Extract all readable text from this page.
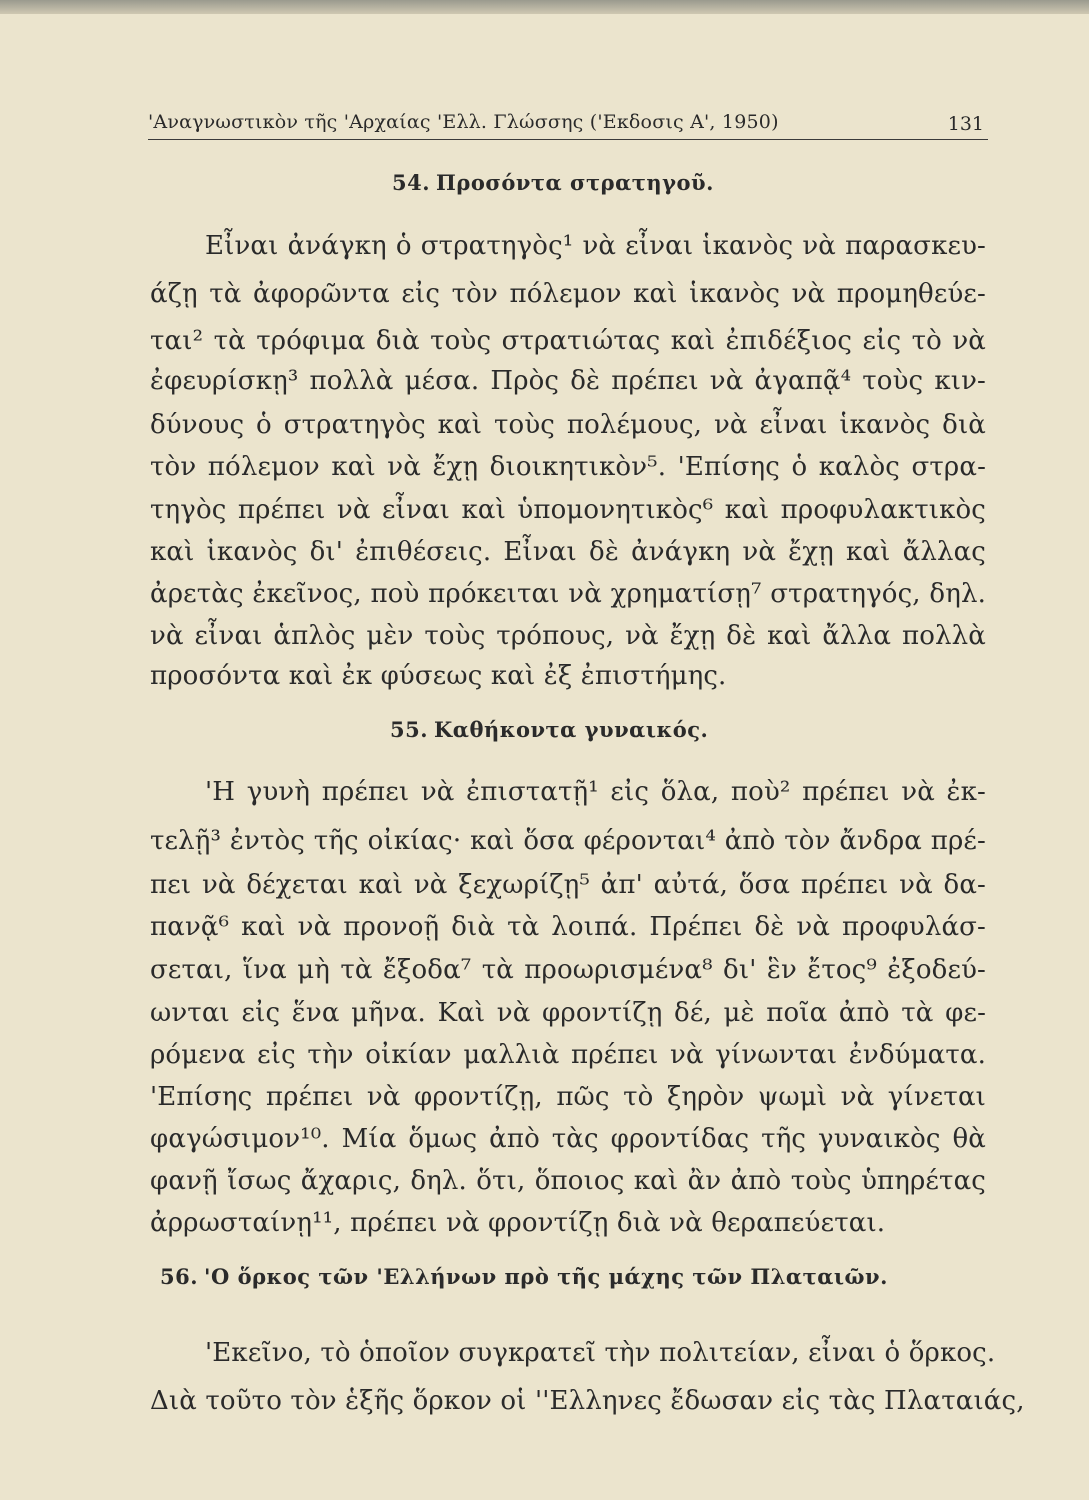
'Αναγνωστικὸν τῆς 'Αρχαίας 'Ελλ. Γλώσσης ('Εκδοσις Α', 1950)	131
54. Προσόντα στρατηγοῦ.
Εἶναι ἀνάγκη ὁ στρατηγὸς¹ νὰ εἶναι ἱκανὸς νὰ παρασκευ-
άζῃ τὰ ἀφορῶντα εἰς τὸν πόλεμον καὶ ἱκανὸς νὰ προμηθεύε-
ται² τὰ τρόφιμα διὰ τοὺς στρατιώτας καὶ ἐπιδέξιος εἰς τὸ νὰ
ἐφευρίσκῃ³ πολλὰ μέσα. Πρὸς δὲ πρέπει νὰ ἀγαπᾷ⁴ τοὺς κιν-
δύνους ὁ στρατηγὸς καὶ τοὺς πολέμους, νὰ εἶναι ἱκανὸς διὰ
τὸν πόλεμον καὶ νὰ ἔχῃ διοικητικὸν⁵. 'Επίσης ὁ καλὸς στρα-
τηγὸς πρέπει νὰ εἶναι καὶ ὑπομονητικὸς⁶ καὶ προφυλακτικὸς
καὶ ἱκανὸς δι' ἐπιθέσεις. Εἶναι δὲ ἀνάγκη νὰ ἔχῃ καὶ ἄλλας
ἀρετὰς ἐκεῖνος, ποὺ πρόκειται νὰ χρηματίσῃ⁷ στρατηγός, δηλ.
νὰ εἶναι ἁπλὸς μὲν τοὺς τρόπους, νὰ ἔχῃ δὲ καὶ ἄλλα πολλὰ
προσόντα καὶ ἐκ φύσεως καὶ ἐξ ἐπιστήμης.
55. Καθήκοντα γυναικός.
'Η γυνὴ πρέπει νὰ ἐπιστατῇ¹ εἰς ὅλα, ποὺ² πρέπει νὰ ἐκ-
τελῇ³ ἐντὸς τῆς οἰκίας· καὶ ὅσα φέρονται⁴ ἀπὸ τὸν ἄνδρα πρέ-
πει νὰ δέχεται καὶ νὰ ξεχωρίζῃ⁵ ἀπ' αὐτά, ὅσα πρέπει νὰ δα-
πανᾷ⁶ καὶ νὰ προνοῇ διὰ τὰ λοιπά. Πρέπει δὲ νὰ προφυλάσ-
σεται, ἵνα μὴ τὰ ἔξοδα⁷ τὰ προωρισμένα⁸ δι' ἓν ἔτος⁹ ἐξοδεύ-
ωνται εἰς ἕνα μῆνα. Καὶ νὰ φροντίζῃ δέ, μὲ ποῖα ἀπὸ τὰ φε-
ρόμενα εἰς τὴν οἰκίαν μαλλιὰ πρέπει νὰ γίνωνται ἐνδύματα.
'Επίσης πρέπει νὰ φροντίζῃ, πῶς τὸ ξηρὸν ψωμὶ νὰ γίνεται
φαγώσιμον¹⁰. Μία ὅμως ἀπὸ τὰς φροντίδας τῆς γυναικὸς θὰ
φανῇ ἴσως ἄχαρις, δηλ. ὅτι, ὅποιος καὶ ἂν ἀπὸ τοὺς ὑπηρέτας
ἀρρωσταίνῃ¹¹, πρέπει νὰ φροντίζῃ διὰ νὰ θεραπεύεται.
56. 'Ο ὅρκος τῶν 'Ελλήνων πρὸ τῆς μάχης τῶν Πλαταιῶν.
'Εκεῖνο, τὸ ὁποῖον συγκρατεῖ τὴν πολιτείαν, εἶναι ὁ ὅρκος.
Διὰ τοῦτο τὸν ἑξῆς ὅρκον οἱ ''Ελληνες ἔδωσαν εἰς τὰς Πλαταιάς,
